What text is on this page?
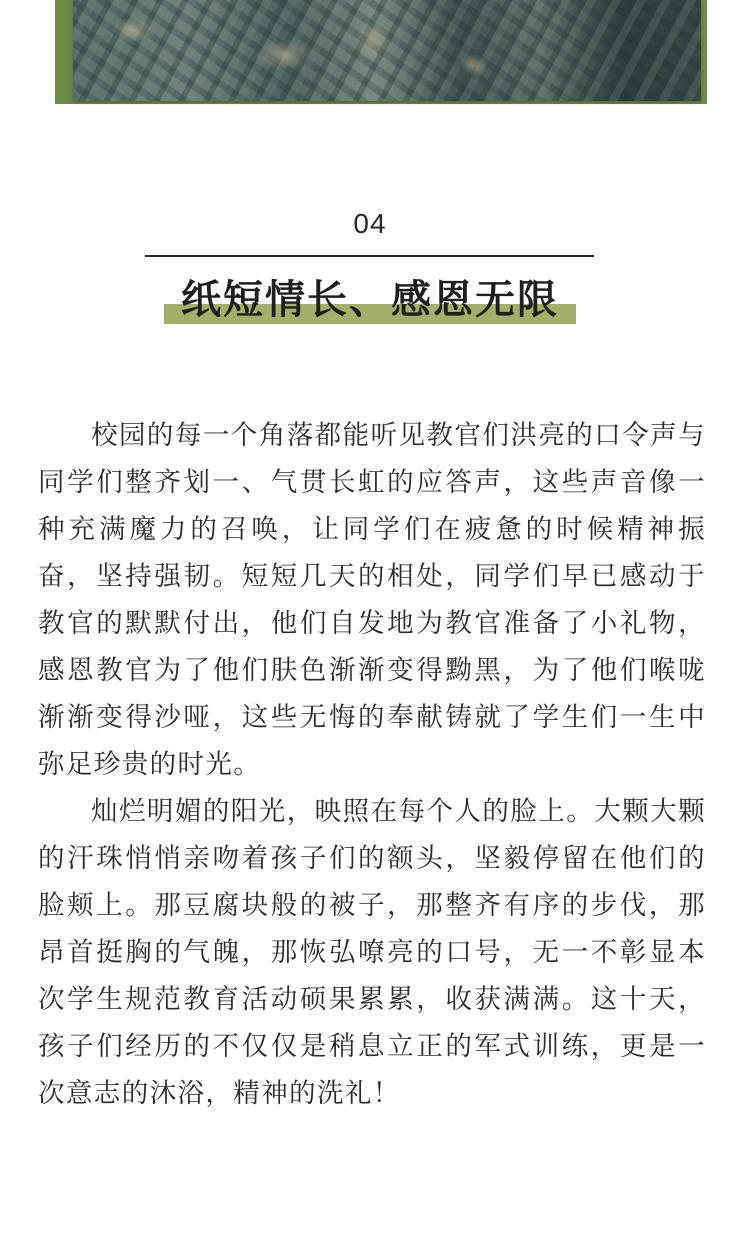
04
纸短情长、感恩无限

校园的每一个角落都能听见教官们洪亮的口令声与同学们整齐划一、气贯长虹的应答声，这些声音像一种充满魔力的召唤，让同学们在疲惫的时候精神振奋，坚持强韧。短短几天的相处，同学们早已感动于教官的默默付出，他们自发地为教官准备了小礼物，感恩教官为了他们肤色渐渐变得黝黑，为了他们喉咙渐渐变得沙哑，这些无悔的奉献铸就了学生们一生中弥足珍贵的时光。

灿烂明媚的阳光，映照在每个人的脸上。大颗大颗的汗珠悄悄亲吻着孩子们的额头，坚毅停留在他们的脸颊上。那豆腐块般的被子，那整齐有序的步伐，那昂首挺胸的气魄，那恢弘嘹亮的口号，无一不彰显本次学生规范教育活动硕果累累，收获满满。这十天，孩子们经历的不仅仅是稍息立正的军式训练，更是一次意志的沐浴，精神的洗礼！
